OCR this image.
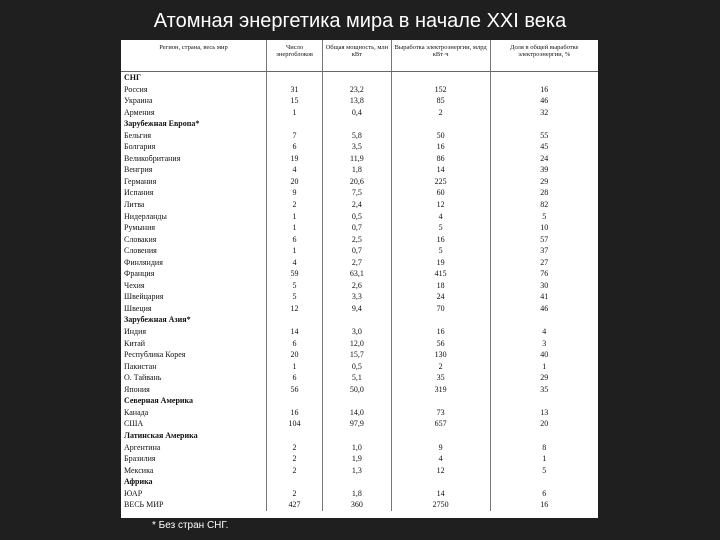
Атомная энергетика мира в начале XXI века
Регион, страна, весь мир	Число энергоблоков	Общая мощность, млн кВт	Выработка электроэнергии, млрд кВт·ч	Доля в общей выработке электроэнергии, %
СНГ				
Россия	31	23,2	152	16
Украина	15	13,8	85	46
Армения	1	0,4	2	32
Зарубежная Европа*				
Бельгия	7	5,8	50	55
Болгария	6	3,5	16	45
Великобритания	19	11,9	86	24
Венгрия	4	1,8	14	39
Германия	20	20,6	225	29
Испания	9	7,5	60	28
Литва	2	2,4	12	82
Нидерланды	1	0,5	4	5
Румыния	1	0,7	5	10
Словакия	6	2,5	16	57
Словения	1	0,7	5	37
Финляндия	4	2,7	19	27
Франция	59	63,1	415	76
Чехия	5	2,6	18	30
Швейцария	5	3,3	24	41
Швеция	12	9,4	70	46
Зарубежная Азия*				
Индия	14	3,0	16	4
Китай	6	12,0	56	3
Республика Корея	20	15,7	130	40
Пакистан	1	0,5	2	1
О. Тайвань	6	5,1	35	29
Япония	56	50,0	319	35
Северная Америка				
Канада	16	14,0	73	13
США	104	97,9	657	20
Латинская Америка				
Аргентина	2	1,0	9	8
Бразилия	2	1,9	4	1
Мексика	2	1,3	12	5
Африка				
ЮАР	2	1,8	14	6
ВЕСЬ МИР	427	360	2750	16
* Без стран СНГ.
